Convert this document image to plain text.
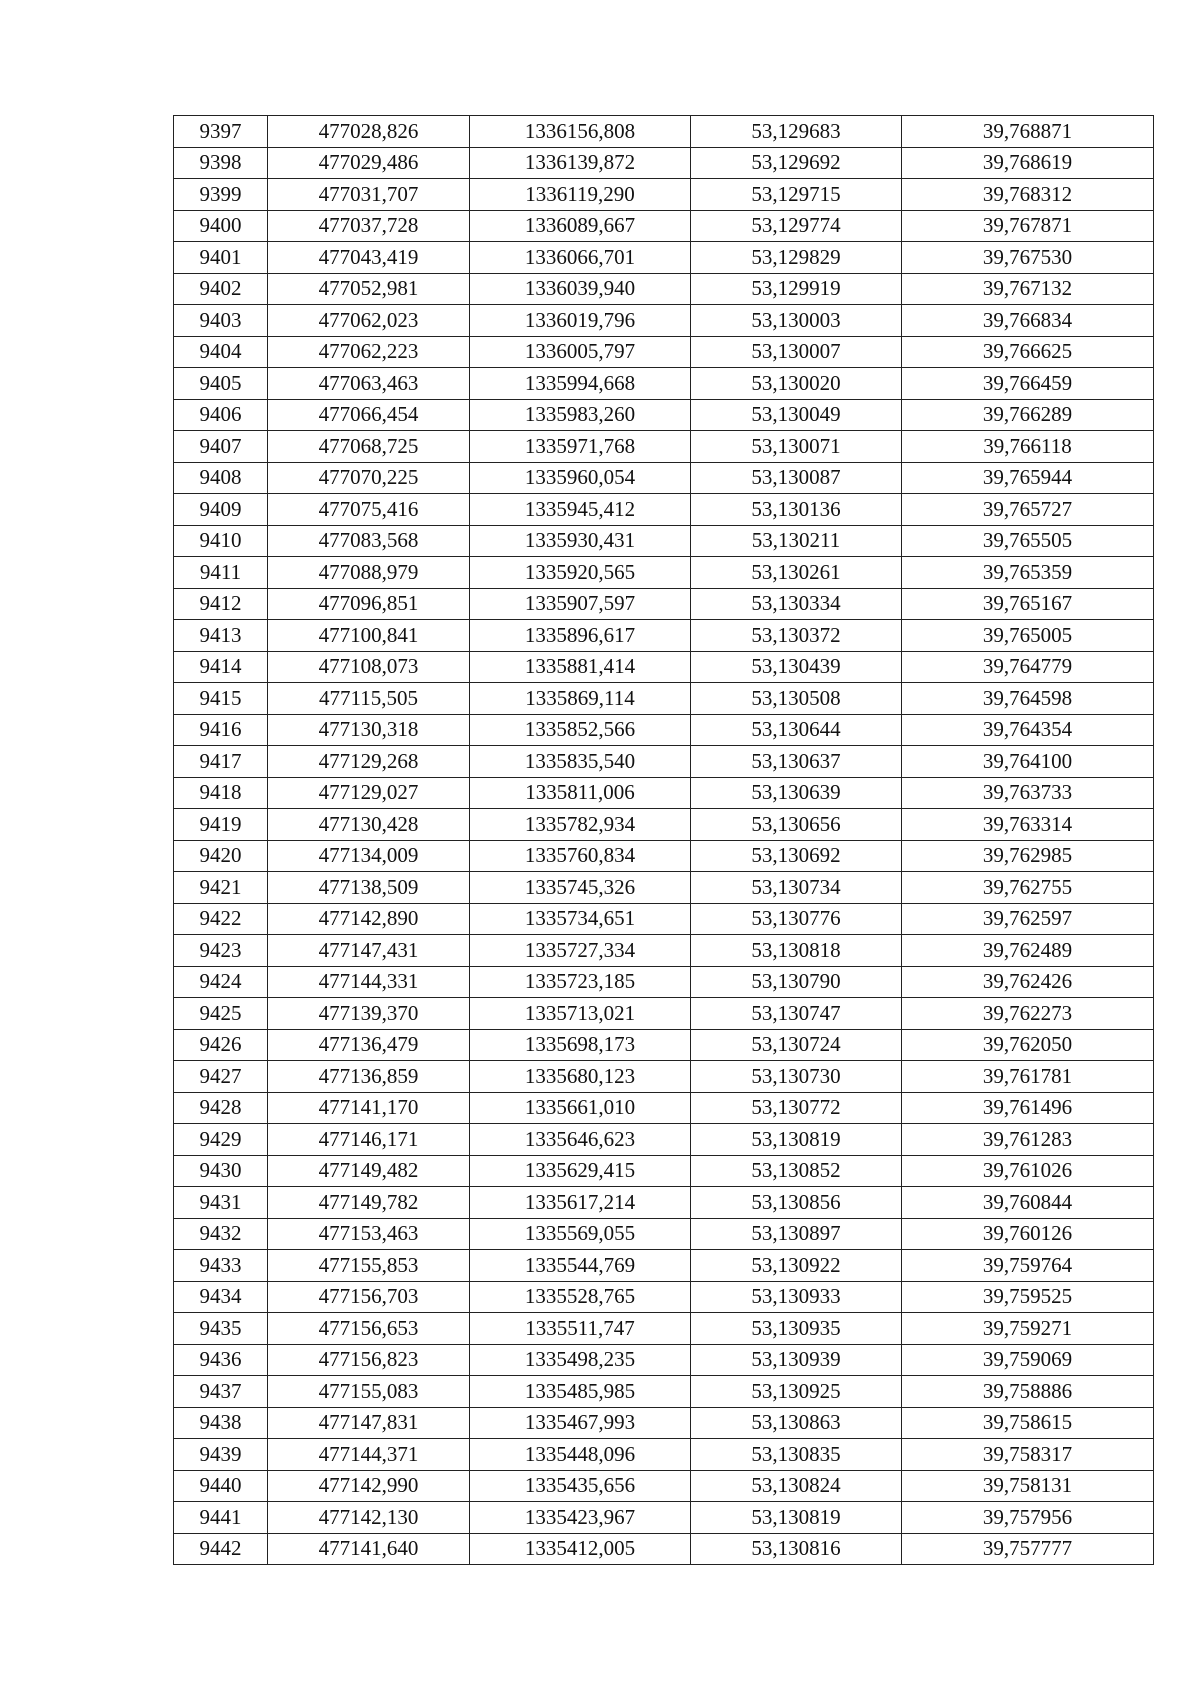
9397	477028,826	1336156,808	53,129683	39,768871
9398	477029,486	1336139,872	53,129692	39,768619
9399	477031,707	1336119,290	53,129715	39,768312
9400	477037,728	1336089,667	53,129774	39,767871
9401	477043,419	1336066,701	53,129829	39,767530
9402	477052,981	1336039,940	53,129919	39,767132
9403	477062,023	1336019,796	53,130003	39,766834
9404	477062,223	1336005,797	53,130007	39,766625
9405	477063,463	1335994,668	53,130020	39,766459
9406	477066,454	1335983,260	53,130049	39,766289
9407	477068,725	1335971,768	53,130071	39,766118
9408	477070,225	1335960,054	53,130087	39,765944
9409	477075,416	1335945,412	53,130136	39,765727
9410	477083,568	1335930,431	53,130211	39,765505
9411	477088,979	1335920,565	53,130261	39,765359
9412	477096,851	1335907,597	53,130334	39,765167
9413	477100,841	1335896,617	53,130372	39,765005
9414	477108,073	1335881,414	53,130439	39,764779
9415	477115,505	1335869,114	53,130508	39,764598
9416	477130,318	1335852,566	53,130644	39,764354
9417	477129,268	1335835,540	53,130637	39,764100
9418	477129,027	1335811,006	53,130639	39,763733
9419	477130,428	1335782,934	53,130656	39,763314
9420	477134,009	1335760,834	53,130692	39,762985
9421	477138,509	1335745,326	53,130734	39,762755
9422	477142,890	1335734,651	53,130776	39,762597
9423	477147,431	1335727,334	53,130818	39,762489
9424	477144,331	1335723,185	53,130790	39,762426
9425	477139,370	1335713,021	53,130747	39,762273
9426	477136,479	1335698,173	53,130724	39,762050
9427	477136,859	1335680,123	53,130730	39,761781
9428	477141,170	1335661,010	53,130772	39,761496
9429	477146,171	1335646,623	53,130819	39,761283
9430	477149,482	1335629,415	53,130852	39,761026
9431	477149,782	1335617,214	53,130856	39,760844
9432	477153,463	1335569,055	53,130897	39,760126
9433	477155,853	1335544,769	53,130922	39,759764
9434	477156,703	1335528,765	53,130933	39,759525
9435	477156,653	1335511,747	53,130935	39,759271
9436	477156,823	1335498,235	53,130939	39,759069
9437	477155,083	1335485,985	53,130925	39,758886
9438	477147,831	1335467,993	53,130863	39,758615
9439	477144,371	1335448,096	53,130835	39,758317
9440	477142,990	1335435,656	53,130824	39,758131
9441	477142,130	1335423,967	53,130819	39,757956
9442	477141,640	1335412,005	53,130816	39,757777
